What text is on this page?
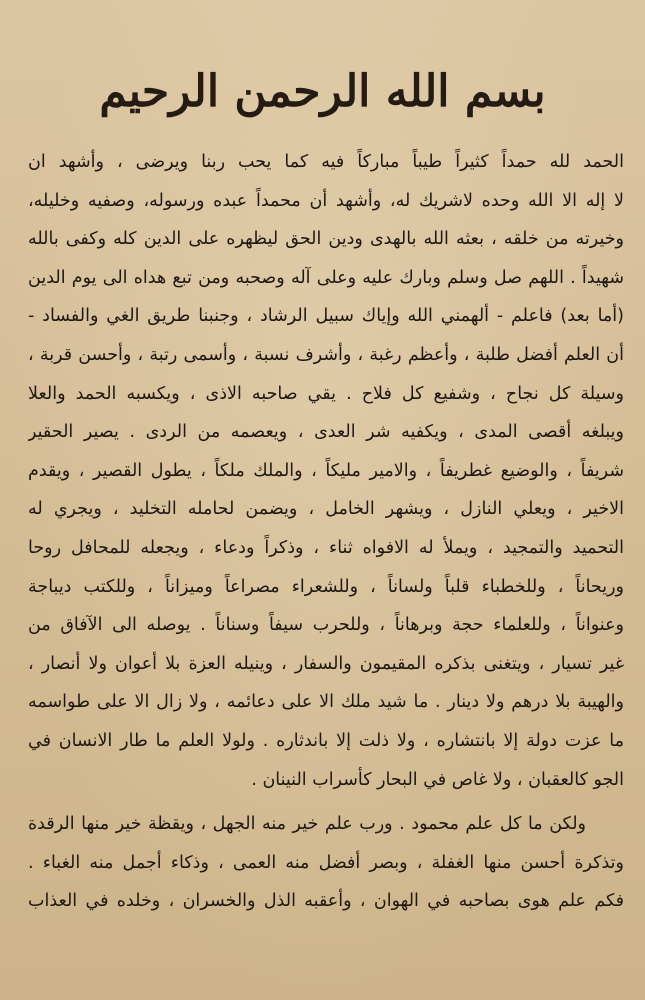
بسم الله الرحمن الرحيم
الحمد لله حمداً كثيراً طيباً مباركاً فيه كما يحب ربنا ويرضى ، وأشهد ان
لا إله الا الله وحده لاشريك له، وأشهد أن محمداً عبده ورسوله، وصفيه وخليله،
وخيرته من خلقه ، بعثه الله بالهدى ودين الحق ليظهره على الدين كله وكفى بالله
شهيداً . اللهم صل وسلم وبارك عليه وعلى آله وصحبه ومن تبع هداه الى يوم الدين
(أما بعد) فاعلم - ألهمني الله وإياك سبيل الرشاد ، وجنبنا طريق الغي والفساد -
أن العلم أفضل طلبة ، وأعظم رغبة ، وأشرف نسبة ، وأسمى رتبة ، وأحسن قربة ،
وسيلة كل نجاح ، وشفيع كل فلاح . يقي صاحبه الاذى ، ويكسبه الحمد والعلا
ويبلغه أقصى المدى ، ويكفيه شر العدى ، ويعصمه من الردى . يصير الحقير
شريفاً ، والوضيع غطريفاً ، والامير مليكاً ، والملك ملكاً ، يطول القصير ، ويقدم
الاخير ، ويعلي النازل ، ويشهر الخامل ، ويضمن لحامله التخليد ، ويجري له
التحميد والتمجيد ، ويملأ له الافواه ثناء ، وذكراً ودعاء ، ويجعله للمحافل روحا
وريحاناً ، وللخطباء قلباً ولساناً ، وللشعراء مصراعاً وميزاناً ، وللكتب ديباجة
وعنواناً ، وللعلماء حجة وبرهاناً ، وللحرب سيفاً وسناناً . يوصله الى الآفاق من
غير تسيار ، ويتغنى بذكره المقيمون والسفار ، وينيله العزة بلا أعوان ولا أنصار ،
والهيبة بلا درهم ولا دينار . ما شيد ملك الا على دعائمه ، ولا زال الا على طواسمه
ما عزت دولة إلا بانتشاره ، ولا ذلت إلا باندثاره . ولولا العلم ما طار الانسان في
الجو كالعقبان ، ولا غاص في البحار كأسراب النينان .
ولكن ما كل علم محمود . ورب علم خير منه الجهل ، ويقظة خير منها الرقدة
وتذكرة أحسن منها الغفلة ، وبصر أفضل منه العمى ، وذكاء أجمل منه الغباء .
فكم علم هوى بصاحبه في الهوان ، وأعقبه الذل والخسران ، وخلده في العذاب
